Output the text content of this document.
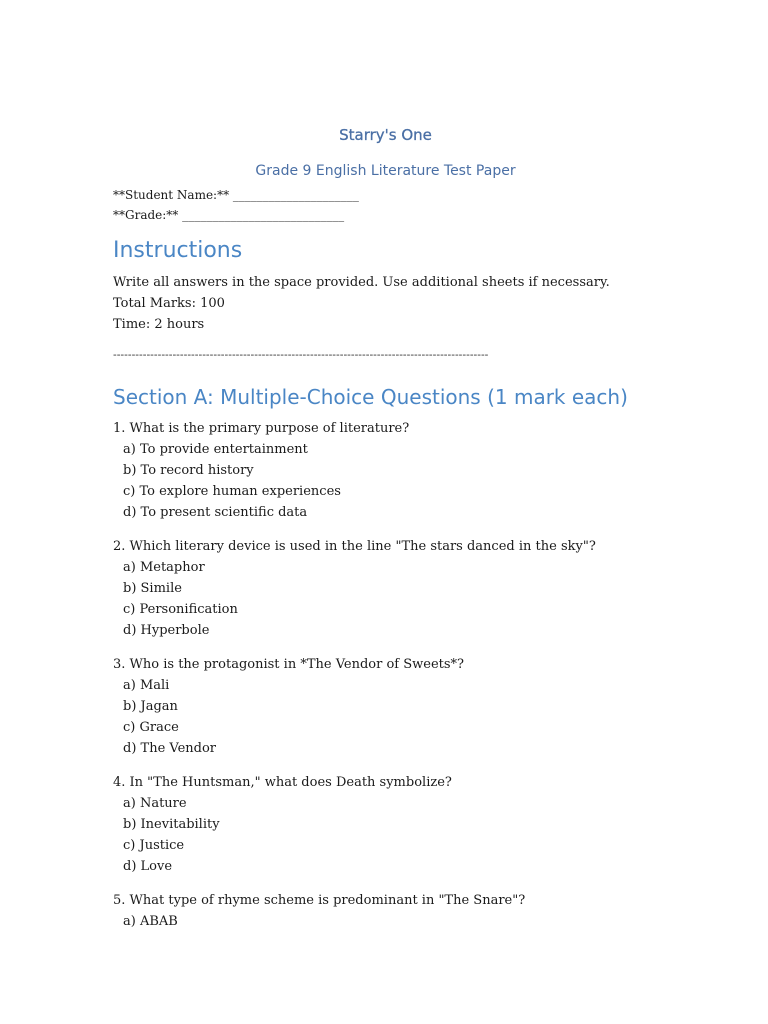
Starry's One
Grade 9 English Literature Test Paper
**Student Name:** _____________________
**Grade:** ___________________________
Instructions
Write all answers in the space provided. Use additional sheets if necessary.
Total Marks: 100
Time: 2 hours
-----------------------------------------------------------------------------------------------------
Section A: Multiple-Choice Questions (1 mark each)
1. What is the primary purpose of literature?
a) To provide entertainment
b) To record history
c) To explore human experiences
d) To present scientific data
2. Which literary device is used in the line "The stars danced in the sky"?
a) Metaphor
b) Simile
c) Personification
d) Hyperbole
3. Who is the protagonist in *The Vendor of Sweets*?
a) Mali
b) Jagan
c) Grace
d) The Vendor
4. In "The Huntsman," what does Death symbolize?
a) Nature
b) Inevitability
c) Justice
d) Love
5. What type of rhyme scheme is predominant in "The Snare"?
a) ABAB
